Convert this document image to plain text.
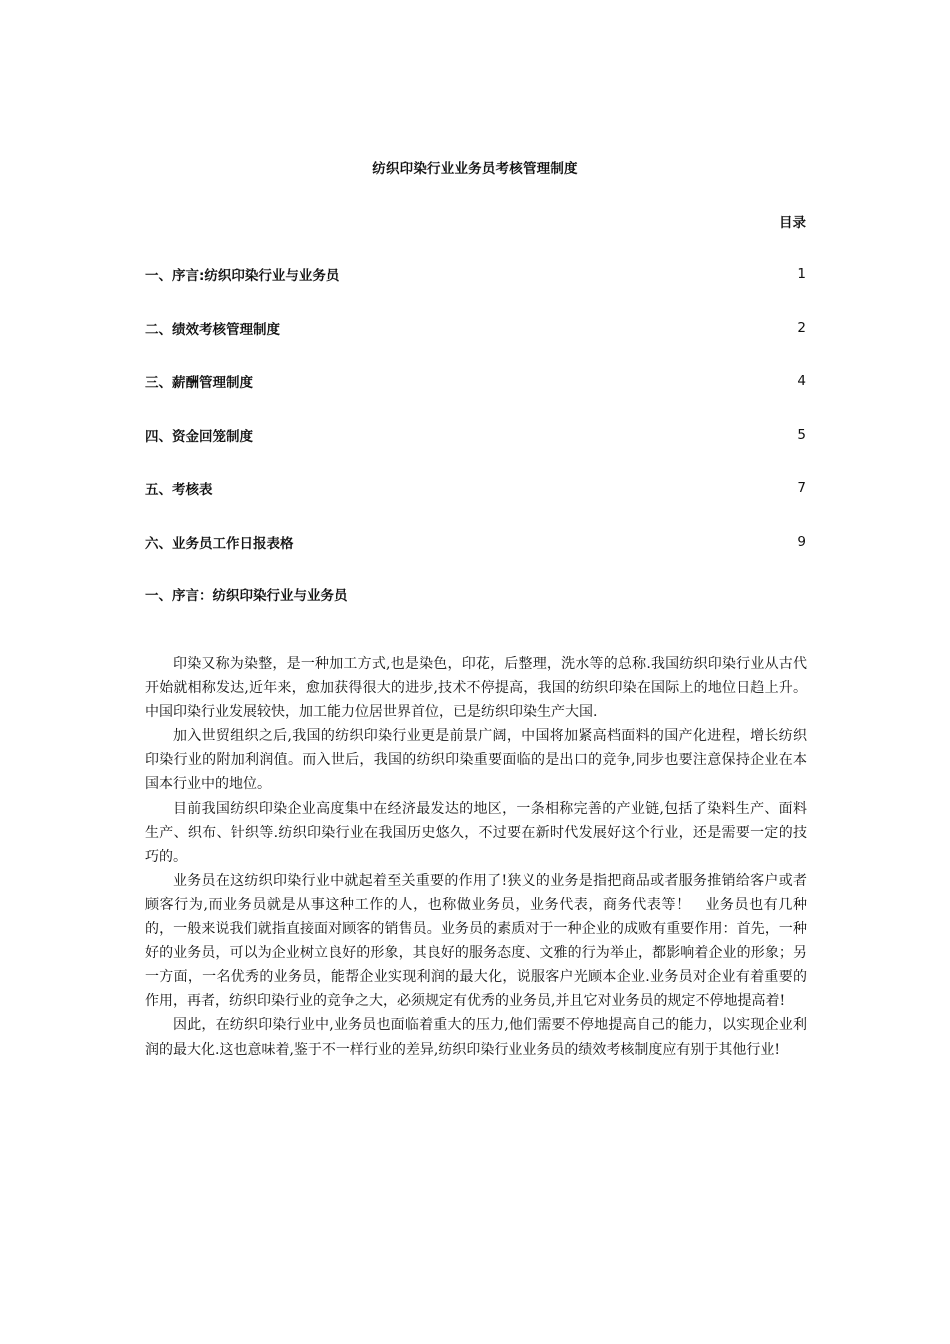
纺织印染行业业务员考核管理制度
目录
一、序言:纺织印染行业与业务员	1
二、绩效考核管理制度	2
三、薪酬管理制度	4
四、资金回笼制度	5
五、考核表	7
六、业务员工作日报表格	9
一、序言：纺织印染行业与业务员

印染又称为染整，是一种加工方式,也是染色，印花，后整理，洗水等的总称.我国纺织印染行业从古代开始就相称发达,近年来，愈加获得很大的进步,技术不停提高，我国的纺织印染在国际上的地位日趋上升。中国印染行业发展较快，加工能力位居世界首位，已是纺织印染生产大国.

加入世贸组织之后,我国的纺织印染行业更是前景广阔，中国将加紧高档面料的国产化进程，增长纺织印染行业的附加利润值。而入世后，我国的纺织印染重要面临的是出口的竞争,同步也要注意保持企业在本国本行业中的地位。

目前我国纺织印染企业高度集中在经济最发达的地区，一条相称完善的产业链,包括了染料生产、面料生产、织布、针织等.纺织印染行业在我国历史悠久，不过要在新时代发展好这个行业，还是需要一定的技巧的。

业务员在这纺织印染行业中就起着至关重要的作用了!狭义的业务是指把商品或者服务推销给客户或者顾客行为,而业务员就是从事这种工作的人，也称做业务员，业务代表，商务代表等！　业务员也有几种的，一般来说我们就指直接面对顾客的销售员。业务员的素质对于一种企业的成败有重要作用：首先，一种好的业务员，可以为企业树立良好的形象，其良好的服务态度、文雅的行为举止，都影响着企业的形象；另一方面，一名优秀的业务员，能帮企业实现利润的最大化，说服客户光顾本企业.业务员对企业有着重要的作用，再者，纺织印染行业的竞争之大，必须规定有优秀的业务员,并且它对业务员的规定不停地提高着!

因此，在纺织印染行业中,业务员也面临着重大的压力,他们需要不停地提高自己的能力，以实现企业利润的最大化.这也意味着,鉴于不一样行业的差异,纺织印染行业业务员的绩效考核制度应有别于其他行业!
